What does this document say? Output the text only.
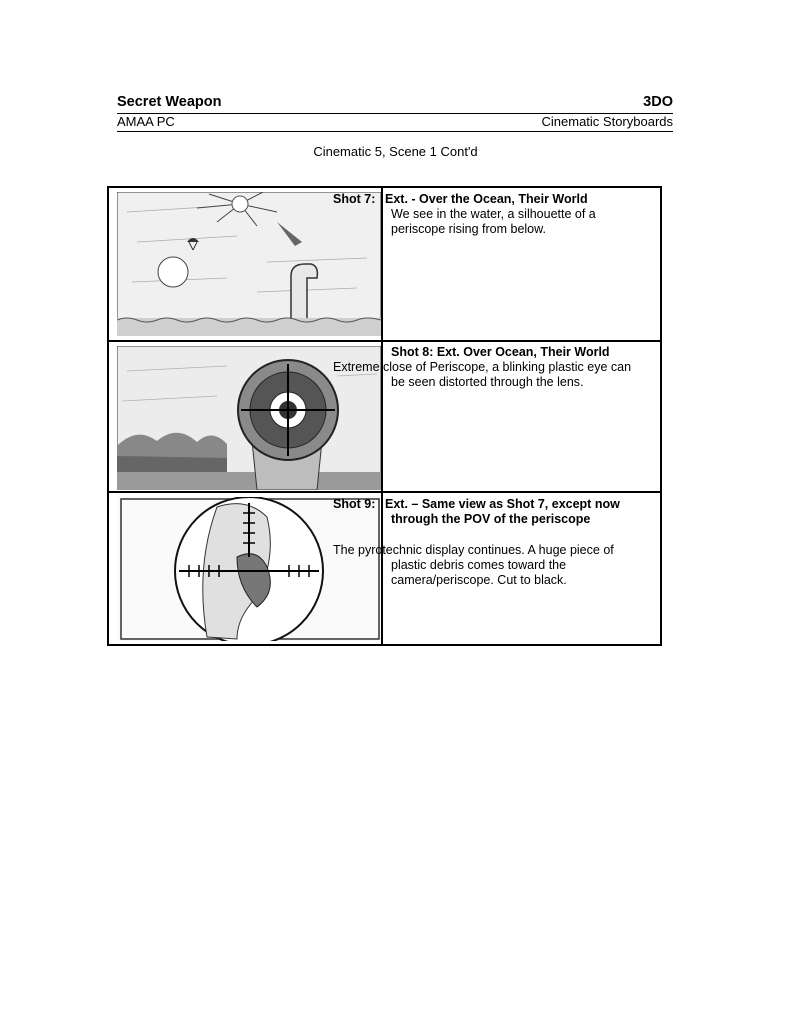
Secret Weapon	3DO
AMAA PC	Cinematic Storyboards
Cinematic 5, Scene 1 Cont'd
Shot 7: Ext. - Over the Ocean, Their World
We see in the water, a silhouette of a
periscope rising from below.
Shot 8: Ext. Over Ocean, Their World
Extreme close of Periscope, a blinking plastic eye can
be seen distorted through the lens.
Shot 9: Ext. – Same view as Shot 7, except now
through the POV of the periscope
The pyrotechnic display continues. A huge piece of
plastic debris comes toward the
camera/periscope. Cut to black.
